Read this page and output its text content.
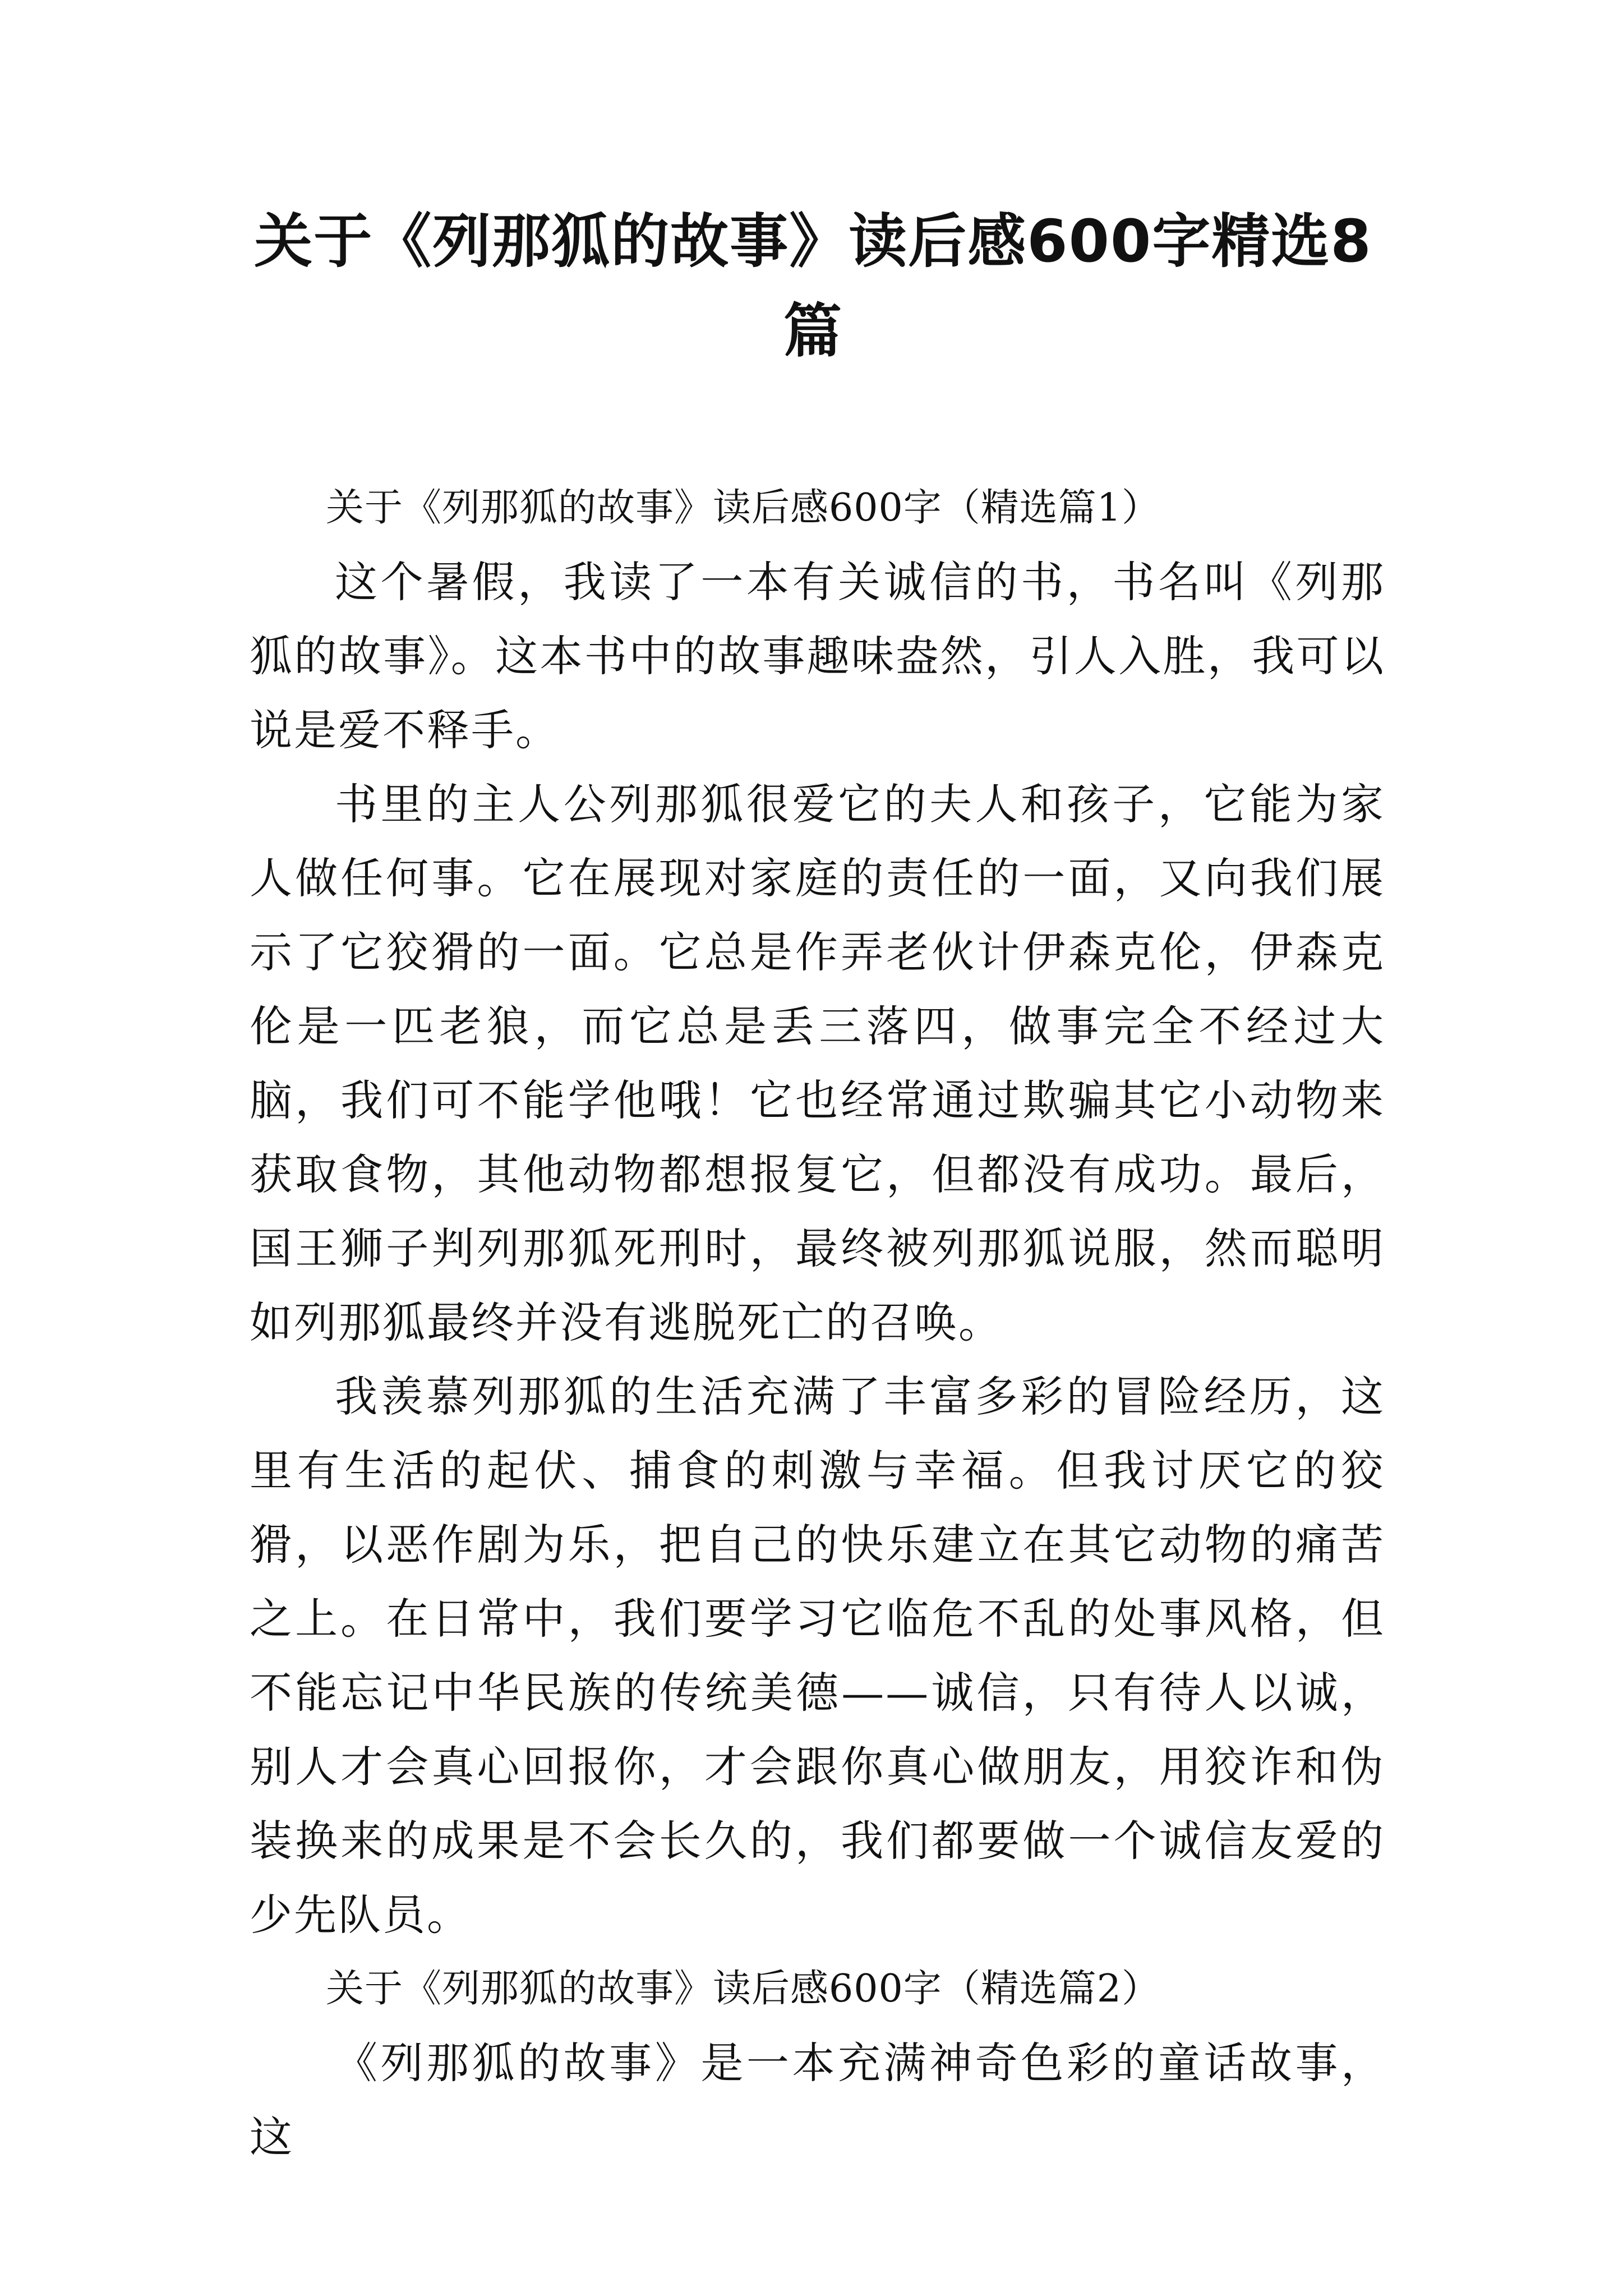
关于《列那狐的故事》读后感600字精选8篇

关于《列那狐的故事》读后感600字（精选篇1）

这个暑假，我读了一本有关诚信的书，书名叫《列那狐的故事》。这本书中的故事趣味盎然，引人入胜，我可以说是爱不释手。

书里的主人公列那狐很爱它的夫人和孩子，它能为家人做任何事。它在展现对家庭的责任的一面，又向我们展示了它狡猾的一面。它总是作弄老伙计伊森克伦，伊森克伦是一匹老狼，而它总是丢三落四，做事完全不经过大脑，我们可不能学他哦！它也经常通过欺骗其它小动物来获取食物，其他动物都想报复它，但都没有成功。最后，国王狮子判列那狐死刑时，最终被列那狐说服，然而聪明如列那狐最终并没有逃脱死亡的召唤。

我羡慕列那狐的生活充满了丰富多彩的冒险经历，这里有生活的起伏、捕食的刺激与幸福。但我讨厌它的狡猾，以恶作剧为乐，把自己的快乐建立在其它动物的痛苦之上。在日常中，我们要学习它临危不乱的处事风格，但不能忘记中华民族的传统美德——诚信，只有待人以诚，别人才会真心回报你，才会跟你真心做朋友，用狡诈和伪装换来的成果是不会长久的，我们都要做一个诚信友爱的少先队员。

关于《列那狐的故事》读后感600字（精选篇2）

《列那狐的故事》是一本充满神奇色彩的童话故事，这
